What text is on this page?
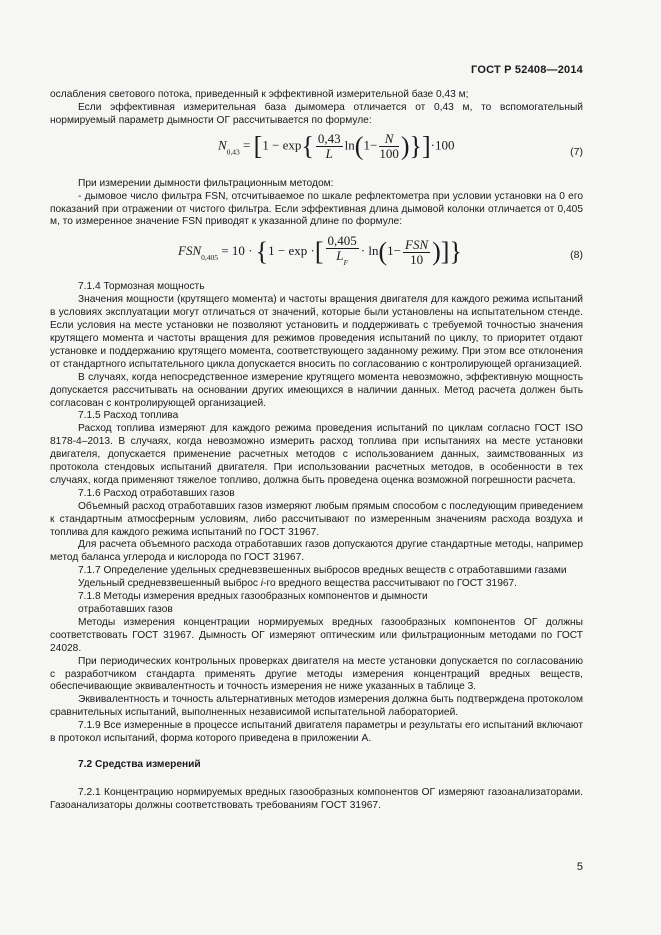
ГОСТ Р 52408—2014

ослабления светового потока, приведенный к эффективной измерительной базе 0,43 м;

Если эффективная измерительная база дымомера отличается от 0,43 м, то вспомогательный нормируемый параметр дымности ОГ рассчитывается по формуле:

$N_{0,43} = [1 - \exp\{ \frac{0,43}{L} \ln(1- \frac{N}{100} )\}]\cdot 100$	(7)

При измерении дымности фильтрационным методом:

- дымовое число фильтра FSN, отсчитываемое по шкале рефлектометра при условии установки на 0 его показаний при отражении от чистого фильтра. Если эффективная длина дымовой колонки отличается от 0,405 м, то измеренное значение FSN приводят к указанной длине по формуле:

$FSN_{0,405} = 10 \cdot \{1 - \exp$ ·[ $\frac{0,405}{L_F} \cdot \ln(1- \frac{\text{FSN}}{10}$ )]}	(8)

7.1.4 Тормозная мощность

Значения мощности (крутящего момента) и частоты вращения двигателя для каждого режима испытаний в условиях эксплуатации могут отличаться от значений, которые были установлены на испытательном стенде. Если условия на месте установки не позволяют установить и поддерживать с требуемой точностью значения крутящего момента и частоты вращения для режимов проведения испытаний по циклу, то приоритет отдают установке и поддержанию крутящего момента, соответствующего заданному режиму. При этом все отклонения от стандартного испытательного цикла допускается вносить по согласованию с контролирующей организацией.

В случаях, когда непосредственное измерение крутящего момента невозможно, эффективную мощность допускается рассчитывать на основании других имеющихся в наличии данных. Метод расчета должен быть согласован с контролирующей организацией.

7.1.5 Расход топлива

Расход топлива измеряют для каждого режима проведения испытаний по циклам согласно ГОСТ ISO 8178-4–2013. В случаях, когда невозможно измерить расход топлива при испытаниях на месте установки двигателя, допускается применение расчетных методов с использованием данных, заимствованных из протокола стендовых испытаний двигателя. При использовании расчетных методов, в особенности в тех случаях, когда применяют тяжелое топливо, должна быть проведена оценка возможной погрешности расчета.

7.1.6 Расход отработавших газов

Объемный расход отработавших газов измеряют любым прямым способом с последующим приведением к стандартным атмосферным условиям, либо рассчитывают по измеренным значениям расхода воздуха и топлива для каждого режима испытаний по ГОСТ 31967.

Для расчета объемного расхода отработавших газов допускаются другие стандартные методы, например метод баланса углерода и кислорода по ГОСТ 31967.

7.1.7 Определение удельных средневзвешенных выбросов вредных веществ с отработавшими газами

Удельный средневзвешенный выброс i-го вредного вещества рассчитывают по ГОСТ 31967.

7.1.8 Методы измерения вредных газообразных компонентов и дымности

отработавших газов

Методы измерения концентрации нормируемых вредных газообразных компонентов ОГ должны соответствовать ГОСТ 31967. Дымность ОГ измеряют оптическим или фильтрационным методами по ГОСТ 24028.

При периодических контрольных проверках двигателя на месте установки допускается по согласованию с разработчиком стандарта применять другие методы измерения концентраций вредных веществ, обеспечивающие эквивалентность и точность измерения не ниже указанных в таблице 3.

Эквивалентность и точность альтернативных методов измерения должна быть подтверждена протоколом сравнительных испытаний, выполненных независимой испытательной лабораторией.

7.1.9 Все измеренные в процессе испытаний двигателя параметры и результаты его испытаний включают в протокол испытаний, форма которого приведена в приложении А.

7.2 Средства измерений

7.2.1 Концентрацию нормируемых вредных газообразных компонентов ОГ измеряют газоанализаторами. Газоанализаторы должны соответствовать требованиям ГОСТ 31967.

5
